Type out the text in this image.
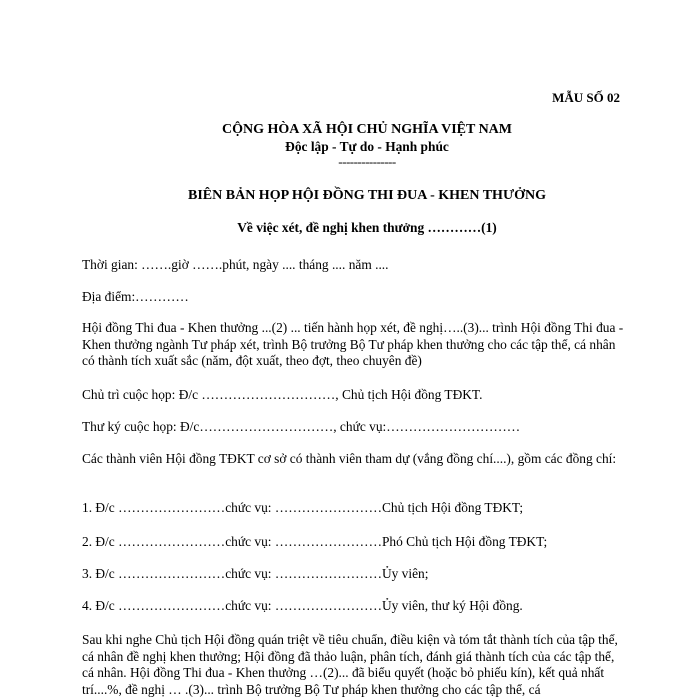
MẪU SỐ 02
CỘNG HÒA XÃ HỘI CHỦ NGHĨA VIỆT NAM
Độc lập - Tự do - Hạnh phúc
---------------
BIÊN BẢN HỌP HỘI ĐỒNG THI ĐUA - KHEN THƯỞNG
Về việc xét, đề nghị khen thưởng …………(1)
Thời gian: …….giờ …….phút, ngày .... tháng .... năm ....
Địa điểm:…………
Hội đồng Thi đua - Khen thưởng ...(2) ... tiến hành họp xét, đề nghị…..(3)... trình Hội đồng Thi đua - Khen thưởng ngành Tư pháp xét, trình Bộ trưởng Bộ Tư pháp khen thưởng cho các tập thể, cá nhân có thành tích xuất sắc (năm, đột xuất, theo đợt, theo chuyên đề)
Chủ trì cuộc họp: Đ/c …………………………, Chủ tịch Hội đồng TĐKT.
Thư ký cuộc họp: Đ/c…………………………, chức vụ:…………………………
Các thành viên Hội đồng TĐKT cơ sở có thành viên tham dự (vắng đồng chí....), gồm các đồng chí:
1. Đ/c ……………………chức vụ: ……………………Chủ tịch Hội đồng TĐKT;
2. Đ/c ……………………chức vụ: ……………………Phó Chủ tịch Hội đồng TĐKT;
3. Đ/c ……………………chức vụ: ……………………Ủy viên;
4. Đ/c ……………………chức vụ: ……………………Ủy viên, thư ký Hội đồng.
Sau khi nghe Chủ tịch Hội đồng quán triệt về tiêu chuẩn, điều kiện và tóm tắt thành tích của tập thể, cá nhân đề nghị khen thưởng; Hội đồng đã thảo luận, phân tích, đánh giá thành tích của các tập thể, cá nhân. Hội đồng Thi đua - Khen thưởng …(2)... đã biểu quyết (hoặc bỏ phiếu kín), kết quả nhất trí....%, đề nghị … .(3)... trình Bộ trưởng Bộ Tư pháp khen thưởng cho các tập thể, cá
